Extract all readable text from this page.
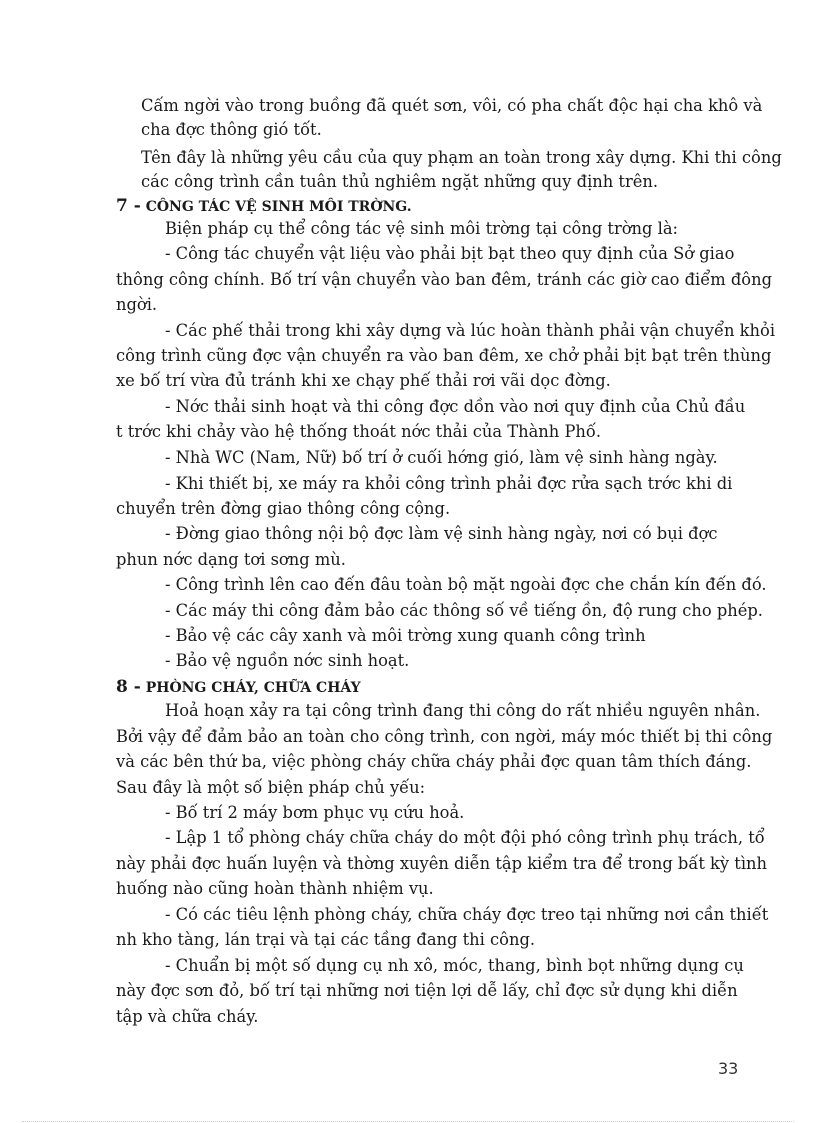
Cấm ngời vào trong buồng đã quét sơn, vôi, có pha chất độc hại cha khô và
cha đợc thông gió tốt.
Tên đây là những yêu cầu của quy phạm an toàn trong xây dựng. Khi thi công
các công trình cần tuân thủ nghiêm ngặt những quy định trên.
7 - CÔNG TÁC VỆ SINH MÔI TRỜNG.
Biện pháp cụ thể công tác vệ sinh môi trờng tại công trờng là:
- Công tác chuyển vật liệu vào phải bịt bạt theo quy định của Sở giao
thông công chính. Bố trí vận chuyển vào ban đêm, tránh các giờ cao điểm đông
ngời.
- Các phế thải trong khi xây dựng và lúc hoàn thành phải vận chuyển khỏi
công trình cũng đợc vận chuyển ra vào ban đêm, xe chở phải bịt bạt trên thùng
xe bố trí vừa đủ tránh khi xe chạy phế thải rơi vãi dọc đờng.
- Nớc thải sinh hoạt và thi công đợc dồn vào nơi quy định của Chủ đầu
t trớc khi chảy vào hệ thống thoát nớc thải của Thành Phố.
- Nhà WC (Nam, Nữ) bố trí ở cuối hớng gió, làm vệ sinh hàng ngày.
- Khi thiết bị, xe máy ra khỏi công trình phải đợc rửa sạch trớc khi di
chuyển trên đờng giao thông công cộng.
- Đờng giao thông nội bộ đợc làm vệ sinh hàng ngày, nơi có bụi đợc
phun nớc dạng tơi sơng mù.
- Công trình lên cao đến đâu toàn bộ mặt ngoài đợc che chắn kín đến đó.
- Các máy thi công đảm bảo các thông số về tiếng ồn, độ rung cho phép.
- Bảo vệ các cây xanh và môi trờng xung quanh công trình
- Bảo vệ nguồn nớc sinh hoạt.
8 - PHÒNG CHÁY, CHỮA CHÁY
Hoả hoạn xảy ra tại công trình đang thi công do rất nhiều nguyên nhân.
Bởi vậy để đảm bảo an toàn cho công trình, con ngời, máy móc thiết bị thi công
và các bên thứ ba, việc phòng cháy chữa cháy phải đợc quan tâm thích đáng.
Sau đây là một số biện pháp chủ yếu:
- Bố trí 2 máy bơm phục vụ cứu hoả.
- Lập 1 tổ phòng cháy chữa cháy do một đội phó công trình phụ trách, tổ
này phải đợc huấn luyện và thờng xuyên diễn tập kiểm tra để trong bất kỳ tình
huống nào cũng hoàn thành nhiệm vụ.
- Có các tiêu lệnh phòng cháy, chữa cháy đợc treo tại những nơi cần thiết
nh kho tàng, lán trại và tại các tầng đang thi công.
- Chuẩn bị một số dụng cụ nh xô, móc, thang, bình bọt những dụng cụ
này đợc sơn đỏ, bố trí tại những nơi tiện lợi dễ lấy, chỉ đợc sử dụng khi diễn
tập và chữa cháy.
33
